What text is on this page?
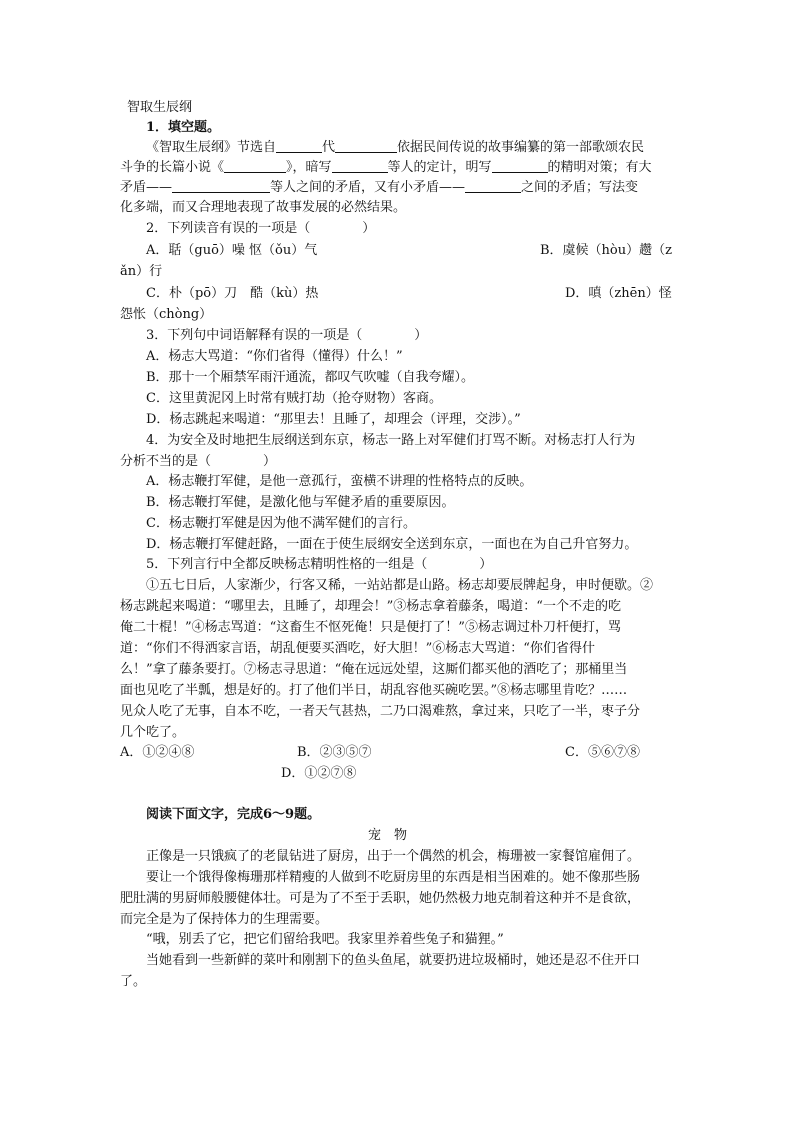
智取生辰纲
1．填空题。
《智取生辰纲》节选自	代	依据民间传说的故事编纂的第一部歌颂农民
斗争的长篇小说《	》，暗写	等人的定计，明写	的精明对策；有大
矛盾——	等人之间的矛盾，又有小矛盾——	之间的矛盾；写法变
化多端，而又合理地表现了故事发展的必然结果。
2．下列读音有误的一项是（　　　　）
A．聒（guō）噪 怄（ǒu）气	B．虞候（hòu）趱（z
ǎn）行
C．朴（pō）刀　酷（kù）热	D．嗔（zhēn）怪
怨怅（chòng）
3．下列句中词语解释有误的一项是（　　　　）
A．杨志大骂道：“你们省得（懂得）什么！”
B．那十一个厢禁军雨汗通流，都叹气吹嘘（自我夸耀）。
C．这里黄泥冈上时常有贼打劫（抢夺财物）客商。
D．杨志跳起来喝道：“那里去！且睡了，却理会（评理，交涉）。”
4．为安全及时地把生辰纲送到东京，杨志一路上对军健们打骂不断。对杨志打人行为
分析不当的是（　　　　）
A．杨志鞭打军健，是他一意孤行，蛮横不讲理的性格特点的反映。
B．杨志鞭打军健，是激化他与军健矛盾的重要原因。
C．杨志鞭打军健是因为他不满军健们的言行。
D．杨志鞭打军健赶路，一面在于使生辰纲安全送到东京，一面也在为自己升官努力。
5．下列言行中全都反映杨志精明性格的一组是（　　　　）
①五七日后，人家渐少，行客又稀，一站站都是山路。杨志却要辰牌起身，申时便歇。②
杨志跳起来喝道：“哪里去，且睡了，却理会！”③杨志拿着藤条，喝道：“一个不走的吃
俺二十棍！”④杨志骂道：“这畜生不怄死俺！只是便打了！”⑤杨志调过朴刀杆便打，骂
道：“你们不得洒家言语，胡乱便要买酒吃，好大胆！”⑥杨志大骂道：“你们省得什
么！”拿了藤条要打。⑦杨志寻思道：“俺在远远处望，这厮们都买他的酒吃了；那桶里当
面也见吃了半瓢，想是好的。打了他们半日，胡乱容他买碗吃罢。”⑧杨志哪里肯吃？……
见众人吃了无事，自本不吃，一者天气甚热，二乃口渴难熬，拿过来，只吃了一半，枣子分
几个吃了。
A．①②④⑧	B．②③⑤⑦	C．⑤⑥⑦⑧
D．①②⑦⑧
阅读下面文字，完成6～9题。
宠　物
正像是一只饿疯了的老鼠钻进了厨房，出于一个偶然的机会，梅珊被一家餐馆雇佣了。
要让一个饿得像梅珊那样精瘦的人做到不吃厨房里的东西是相当困难的。她不像那些肠
肥肚满的男厨师般腰健体壮。可是为了不至于丢职，她仍然极力地克制着这种并不是食欲，
而完全是为了保持体力的生理需要。
“哦，别丢了它，把它们留给我吧。我家里养着些兔子和猫狸。”
当她看到一些新鲜的菜叶和刚割下的鱼头鱼尾，就要扔进垃圾桶时，她还是忍不住开口
了。
